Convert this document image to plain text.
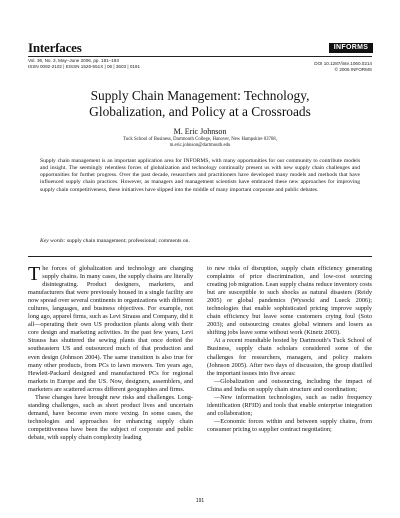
Interfaces
Vol. 36, No. 3, May–June 2006, pp. 191–193
ISSN 0092-2102 | EISSN 1526-551X | 06 | 3603 | 0191
INFORMS
DOI 10.1287/inte.1060.0214
© 2006 INFORMS
Supply Chain Management: Technology,
Globalization, and Policy at a Crossroads

M. Eric Johnson

Tuck School of Business, Dartmouth College, Hanover, New Hampshire 03768,
m.eric.johnson@dartmouth.edu

Supply chain management is an important application area for INFORMS, with many opportunities for our community to contribute models and insight. The seemingly relentless forces of globalization and technology continually present us with new supply chain challenges and opportunities for further progress. Over the past decade, researchers and practitioners have developed many models and methods that have influenced supply chain practices. However, as managers and management scientists have embraced these new approaches for improving supply chain competitiveness, these initiatives have slipped into the middle of many important corporate and public debates.

Key words: supply chain management; professional; comments on.

The forces of globalization and technology are changing supply chains. In many cases, the supply chains are literally disintegrating. Product designers, marketers, and manufacturers that were previously housed in a single facility are now spread over several continents in organizations with different cultures, languages, and business objectives. For example, not long ago, apparel firms, such as Levi Strauss and Company, did it all—operating their own US production plants along with their core design and marketing activities. In the past few years, Levi Strauss has shuttered the sewing plants that once dotted the southeastern US and outsourced much of that production and even design (Johnson 2004). The same transition is also true for many other products, from PCs to lawn mowers. Ten years ago, Hewlett-Packard designed and manufactured PCs for regional markets in Europe and the US. Now, designers, assemblers, and marketers are scattered across different geographies and firms.

These changes have brought new risks and challenges. Long-standing challenges, such as short product lives and uncertain demand, have become even more vexing. In some cases, the technologies and approaches for enhancing supply chain competitiveness have been the subject of corporate and public debate, with supply chain complexity leading

to new risks of disruption, supply chain efficiency generating complaints of price discrimination, and low-cost sourcing creating job migration. Lean supply chains reduce inventory costs but are susceptible to such shocks as natural disasters (Reidy 2005) or global pandemics (Wysocki and Lueck 2006); technologies that enable sophisticated pricing improve supply chain efficiency but leave some customers crying foul (Soto 2003); and outsourcing creates global winners and losers as shifting jobs leave some without work (Kinetz 2003).

At a recent roundtable hosted by Dartmouth’s Tuck School of Business, supply chain scholars considered some of the challenges for researchers, managers, and policy makers (Johnson 2005). After two days of discussion, the group distilled the important issues into five areas:

—Globalization and outsourcing, including the impact of China and India on supply chain structure and coordination;

—New information technologies, such as radio frequency identification (RFID) and tools that enable enterprise integration and collaboration;

—Economic forces within and between supply chains, from consumer pricing to supplier contract negotiation;

191
